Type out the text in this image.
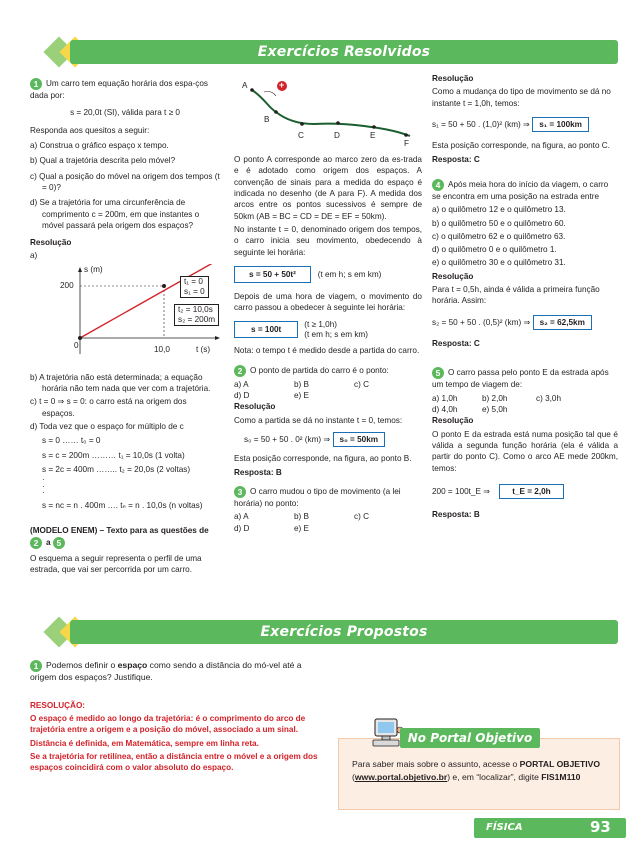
Exercícios Resolvidos

1 Um carro tem equação horária dos espa-ços dada por:

s = 20,0t (SI), válida para t ≥ 0

Responda aos quesitos a seguir:

a) Construa o gráfico espaço x tempo.

b) Qual a trajetória descrita pelo móvel?

c) Qual a posição do móvel na origem dos tempos (t = 0)?

d) Se a trajetória for uma circunferência de comprimento c = 200m, em que instantes o móvel passará pela origem dos espaços?

Resolução

a)

s (m)
200
0	10,0	t (s)
t₁ = 0
s₁ = 0
t₂ = 10,0s
s₂ = 200m

b) A trajetória não está determinada; a equação horária não tem nada que ver com a trajetória.

c) t = 0 ⇒ s = 0: o carro está na origem dos espaços.

d) Toda vez que o espaço for múltiplo de c

s = 0 …… t₀ = 0

s = c = 200m ……… t₁ = 10,0s (1 volta)

s = 2c = 400m …….. t₂ = 20,0s (2 voltas)

·
·
·

s = nc = n . 400m …. tₙ = n . 10,0s (n voltas)

(MODELO ENEM) – Texto para as questões de 2 a 5

O esquema a seguir representa o perfil de uma estrada, que vai ser percorrida por um carro.

A
B
C	D	E
F
+

O ponto A corresponde ao marco zero da es-trada e é adotado como origem dos espaços. A convenção de sinais para a medida do espaço é indicada no desenho (de A para F). A medida dos arcos entre os pontos sucessivos é sempre de 50km (AB = BC = CD = DE = EF = 50km).

No instante t = 0, denominado origem dos tempos, o carro inicia seu movimento, obedecendo à seguinte lei horária:

s = 50 + 50t²	(t em h; s em km)

Depois de uma hora de viagem, o movimento do carro passou a obedecer à seguinte lei horária:

s = 100t
(t ≥ 1,0h)
(t em h; s em km)

Nota: o tempo t é medido desde a partida do carro.

2 O ponto de partida do carro é o ponto:

a) A	b) B	c) C
d) D	e) E

Resolução

Como a partida se dá no instante t = 0, temos:

s₀ = 50 + 50 . 0² (km) ⇒ s₀ = 50km

Esta posição corresponde, na figura, ao ponto B.

Resposta: B

3 O carro mudou o tipo de movimento (a lei horária) no ponto:

a) A	b) B	c) C
d) D	e) E

Resolução

Como a mudança do tipo de movimento se dá no instante t = 1,0h, temos:

s₁ = 50 + 50 . (1,0)² (km) ⇒ s₁ = 100km

Esta posição corresponde, na figura, ao ponto C.

Resposta: C

4 Após meia hora do início da viagem, o carro se encontra em uma posição na estrada entre

a) o quilômetro 12 e o quilômetro 13.

b) o quilômetro 50 e o quilômetro 60.

c) o quilômetro 62 e o quilômetro 63.

d) o quilômetro 0 e o quilômetro 1.

e) o quilômetro 30 e o quilômetro 31.

Resolução

Para t = 0,5h, ainda é válida a primeira função horária. Assim:

s₂ = 50 + 50 . (0,5)² (km) ⇒ s₂ = 62,5km

Resposta: C

5 O carro passa pelo ponto E da estrada após um tempo de viagem de:

a) 1,0h	b) 2,0h	c) 3,0h
d) 4,0h	e) 5,0h

Resolução

O ponto E da estrada está numa posição tal que é válida a segunda função horária (ela é válida a partir do ponto C). Como o arco AE mede 200km, temos:

200 = 100t_E ⇒	t_E = 2,0h

Resposta: B

Exercícios Propostos

1 Podemos definir o espaço como sendo a distância do mó-vel até a origem dos espaços? Justifique.

RESOLUÇÃO:

O espaço é medido ao longo da trajetória: é o comprimento do arco de trajetória entre a origem e a posição do móvel, associado a um sinal.

Distância é definida, em Matemática, sempre em linha reta.

Se a trajetória for retilínea, então a distância entre o móvel e a origem dos espaços coincidirá com o valor absoluto do espaço.

No Portal Objetivo
Para saber mais sobre o assunto, acesse o PORTAL OBJETIVO (www.portal.objetivo.br) e, em “localizar”, digite FIS1M110
FÍSICA	93
